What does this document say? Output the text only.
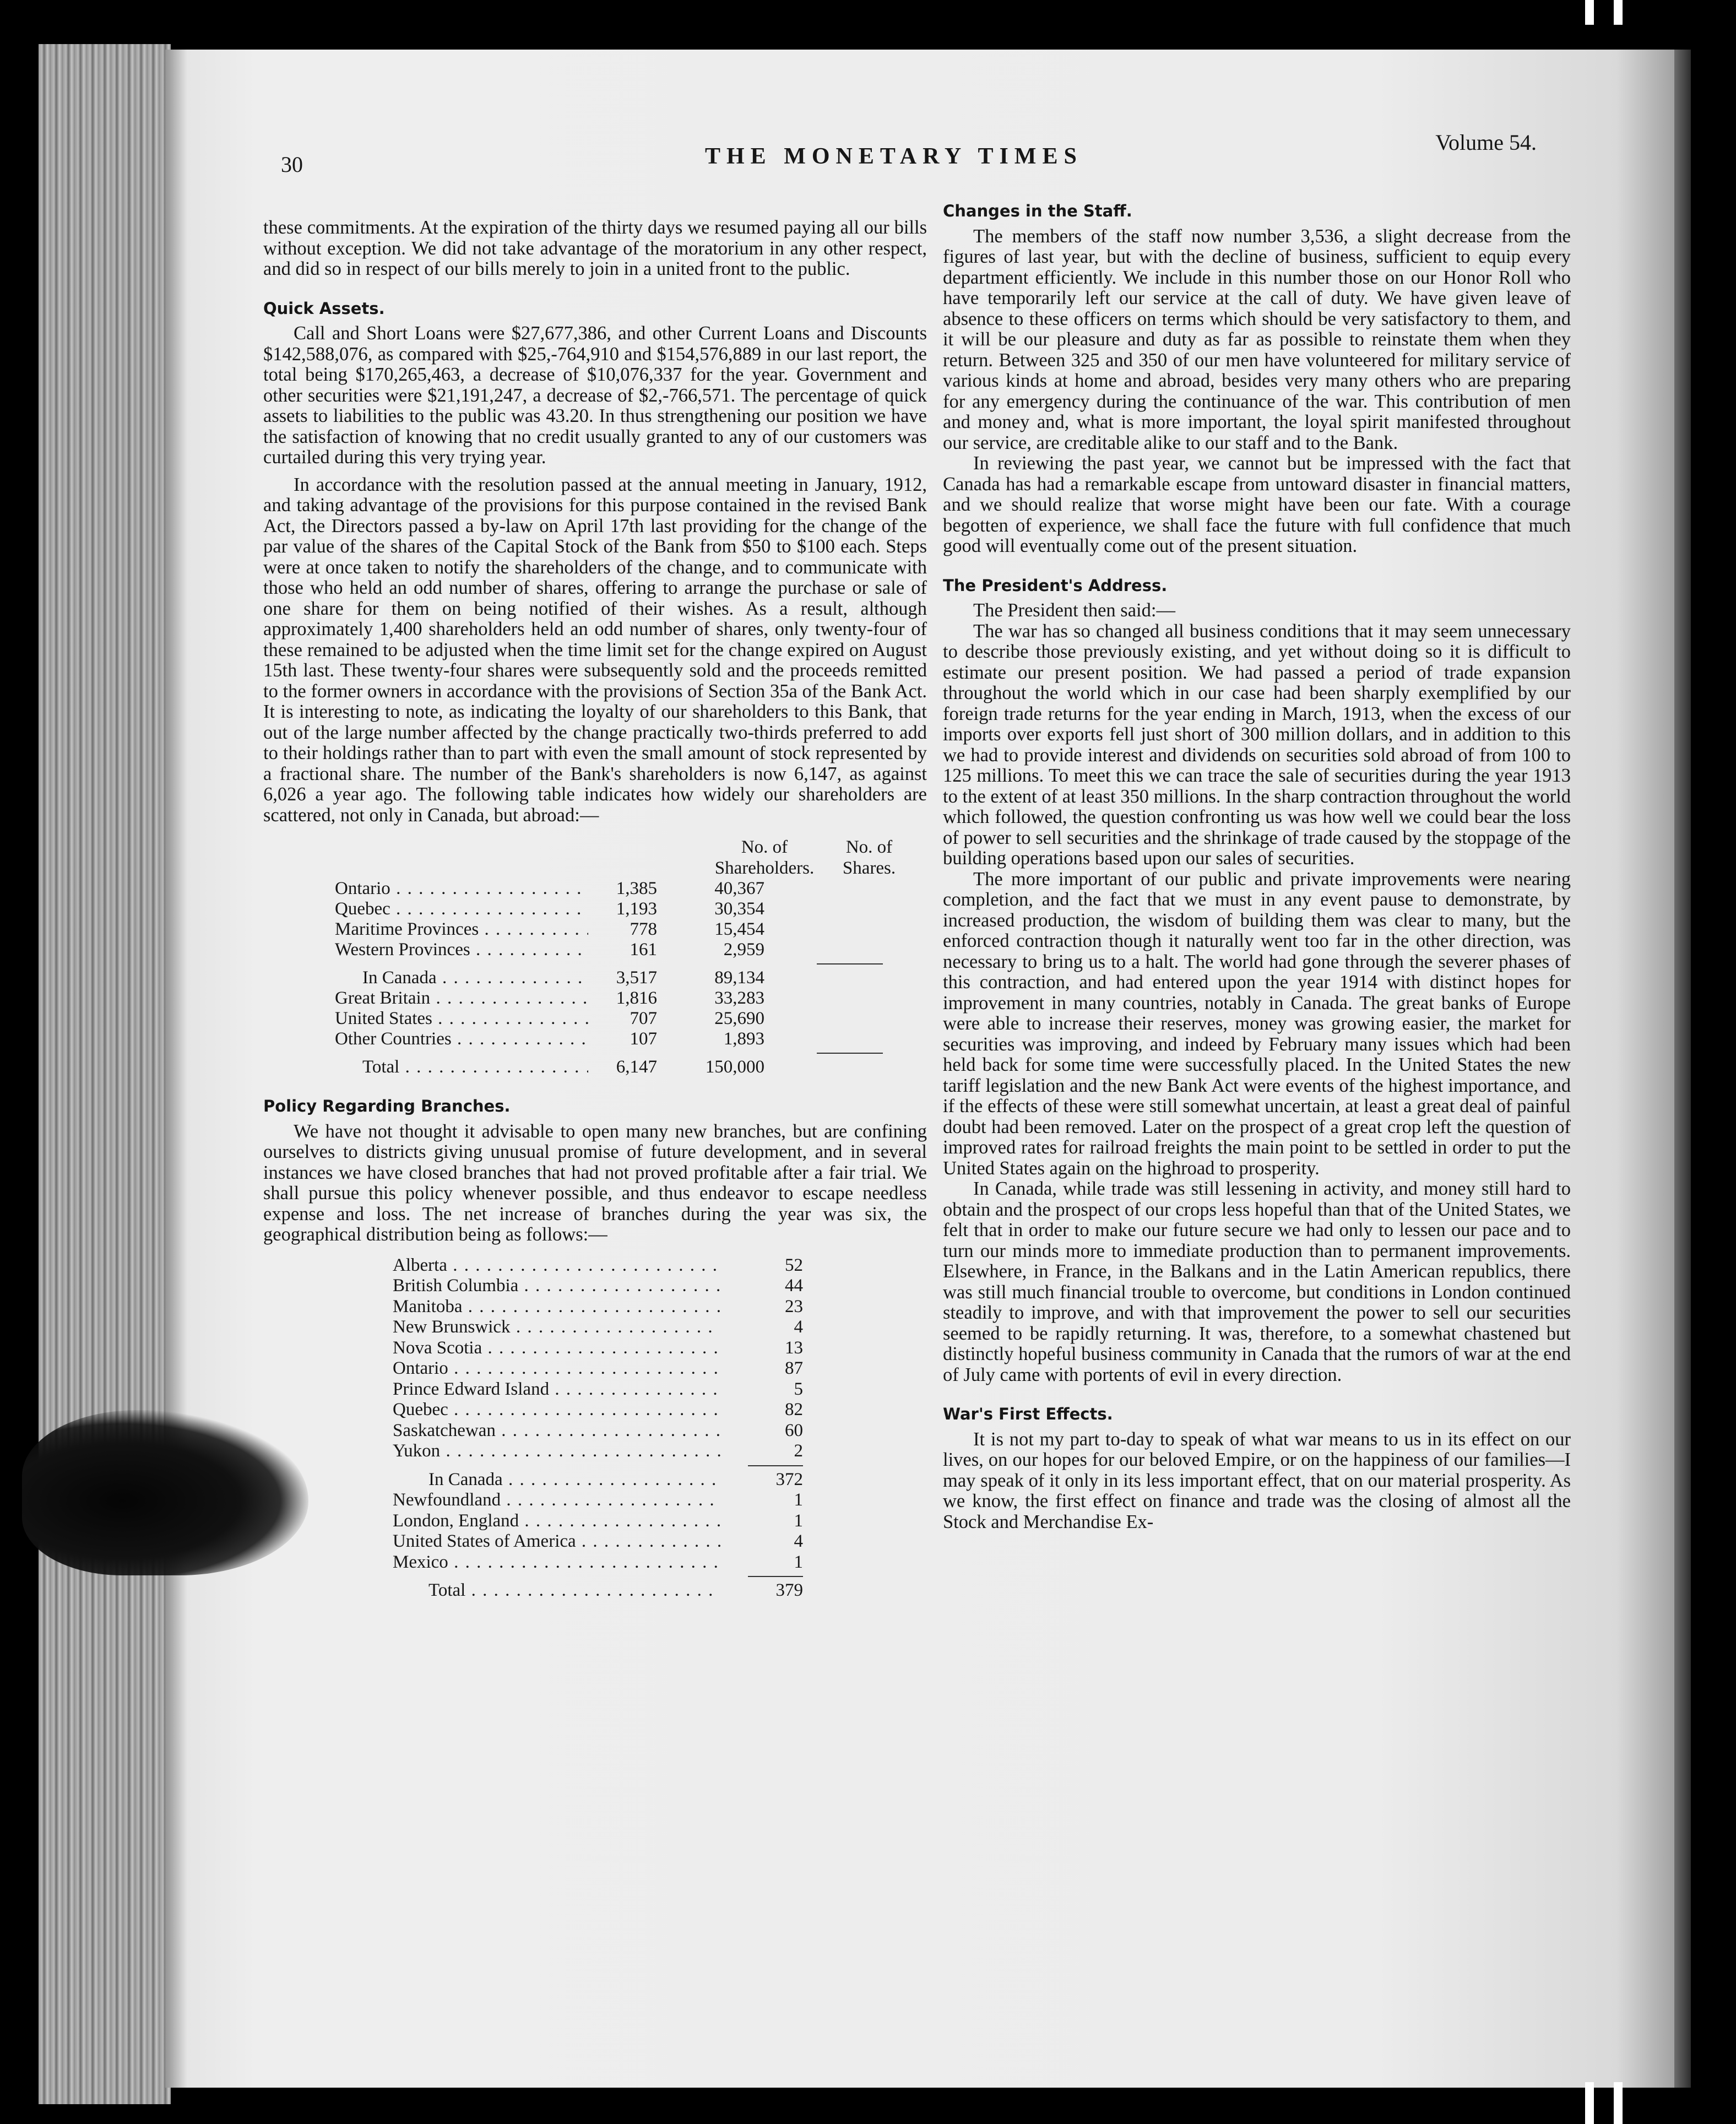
30	THE MONETARY TIMES
Volume 54.

these commitments. At the expiration of the thirty days we resumed paying all our bills without exception. We did not take advantage of the moratorium in any other respect, and did so in respect of our bills merely to join in a united front to the public.

Quick Assets.

Call and Short Loans were $27,677,386, and other Current Loans and Discounts $142,588,076, as compared with $25,-764,910 and $154,576,889 in our last report, the total being $170,265,463, a decrease of $10,076,337 for the year. Government and other securities were $21,191,247, a decrease of $2,-766,571. The percentage of quick assets to liabilities to the public was 43.20. In thus strengthening our position we have the satisfaction of knowing that no credit usually granted to any of our customers was curtailed during this very trying year.

In accordance with the resolution passed at the annual meeting in January, 1912, and taking advantage of the provisions for this purpose contained in the revised Bank Act, the Directors passed a by-law on April 17th last providing for the change of the par value of the shares of the Capital Stock of the Bank from $50 to $100 each. Steps were at once taken to notify the shareholders of the change, and to communicate with those who held an odd number of shares, offering to arrange the purchase or sale of one share for them on being notified of their wishes. As a result, although approximately 1,400 shareholders held an odd number of shares, only twenty-four of these remained to be adjusted when the time limit set for the change expired on August 15th last. These twenty-four shares were subsequently sold and the proceeds remitted to the former owners in accordance with the provisions of Section 35a of the Bank Act. It is interesting to note, as indicating the loyalty of our shareholders to this Bank, that out of the large number affected by the change practically two-thirds preferred to add to their holdings rather than to part with even the small amount of stock represented by a fractional share. The number of the Bank's shareholders is now 6,147, as against 6,026 a year ago. The following table indicates how widely our shareholders are scattered, not only in Canada, but abroad:—

No. of
Shareholders.
No. of
Shares.
Ontario . . .	1,385	40,367
Quebec . . .	1,193	30,354
Maritime Provinces . . .	778	15,454
Western Provinces . . .	161	2,959
In Canada . . .	3,517	89,134
Great Britain . . .	1,816	33,283
United States . . .	707	25,690
Other Countries . . .	107	1,893
Total . . .	6,147	150,000
Policy Regarding Branches.

We have not thought it advisable to open many new branches, but are confining ourselves to districts giving unusual promise of future development, and in several instances we have closed branches that had not proved profitable after a fair trial. We shall pursue this policy whenever possible, and thus endeavor to escape needless expense and loss. The net increase of branches during the year was six, the geographical distribution being as follows:—

Alberta . . .	52
British Columbia . . .	44
Manitoba . . .	23
New Brunswick . . .	4
Nova Scotia . . .	13
Ontario . . .	87
Prince Edward Island . . .	5
Quebec . . .	82
Saskatchewan . . .	60
Yukon . . .	2
In Canada . . .	372
Newfoundland . . .	1
London, England . . .	1
United States of America . . .	4
Mexico . . .	1
Total . . .	379
Changes in the Staff.

The members of the staff now number 3,536, a slight decrease from the figures of last year, but with the decline of business, sufficient to equip every department efficiently. We include in this number those on our Honor Roll who have temporarily left our service at the call of duty. We have given leave of absence to these officers on terms which should be very satisfactory to them, and it will be our pleasure and duty as far as possible to reinstate them when they return. Between 325 and 350 of our men have volunteered for military service of various kinds at home and abroad, besides very many others who are preparing for any emergency during the continuance of the war. This contribution of men and money and, what is more important, the loyal spirit manifested throughout our service, are creditable alike to our staff and to the Bank.

In reviewing the past year, we cannot but be impressed with the fact that Canada has had a remarkable escape from untoward disaster in financial matters, and we should realize that worse might have been our fate. With a courage begotten of experience, we shall face the future with full confidence that much good will eventually come out of the present situation.

The President's Address.

The President then said:—

The war has so changed all business conditions that it may seem unnecessary to describe those previously existing, and yet without doing so it is difficult to estimate our present position. We had passed a period of trade expansion throughout the world which in our case had been sharply exemplified by our foreign trade returns for the year ending in March, 1913, when the excess of our imports over exports fell just short of 300 million dollars, and in addition to this we had to provide interest and dividends on securities sold abroad of from 100 to 125 millions. To meet this we can trace the sale of securities during the year 1913 to the extent of at least 350 millions. In the sharp contraction throughout the world which followed, the question confronting us was how well we could bear the loss of power to sell securities and the shrinkage of trade caused by the stoppage of the building operations based upon our sales of securities.

The more important of our public and private improvements were nearing completion, and the fact that we must in any event pause to demonstrate, by increased production, the wisdom of building them was clear to many, but the enforced contraction though it naturally went too far in the other direction, was necessary to bring us to a halt. The world had gone through the severer phases of this contraction, and had entered upon the year 1914 with distinct hopes for improvement in many countries, notably in Canada. The great banks of Europe were able to increase their reserves, money was growing easier, the market for securities was improving, and indeed by February many issues which had been held back for some time were successfully placed. In the United States the new tariff legislation and the new Bank Act were events of the highest importance, and if the effects of these were still somewhat uncertain, at least a great deal of painful doubt had been removed. Later on the prospect of a great crop left the question of improved rates for railroad freights the main point to be settled in order to put the United States again on the highroad to prosperity.

In Canada, while trade was still lessening in activity, and money still hard to obtain and the prospect of our crops less hopeful than that of the United States, we felt that in order to make our future secure we had only to lessen our pace and to turn our minds more to immediate production than to permanent improvements. Elsewhere, in France, in the Balkans and in the Latin American republics, there was still much financial trouble to overcome, but conditions in London continued steadily to improve, and with that improvement the power to sell our securities seemed to be rapidly returning. It was, therefore, to a somewhat chastened but distinctly hopeful business community in Canada that the rumors of war at the end of July came with portents of evil in every direction.

War's First Effects.

It is not my part to-day to speak of what war means to us in its effect on our lives, on our hopes for our beloved Empire, or on the happiness of our families—I may speak of it only in its less important effect, that on our material prosperity. As we know, the first effect on finance and trade was the closing of almost all the Stock and Merchandise Ex-
